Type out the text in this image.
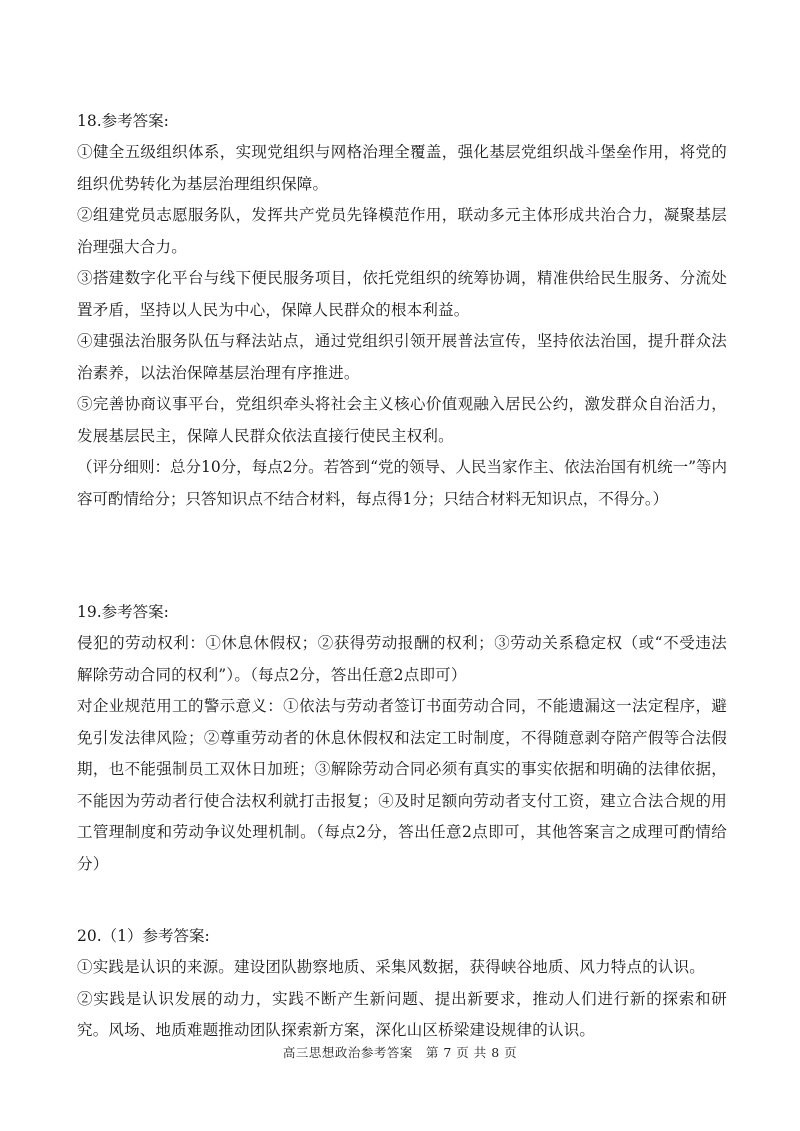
18.参考答案:

①健全五级组织体系，实现党组织与网格治理全覆盖，强化基层党组织战斗堡垒作用，将党的组织优势转化为基层治理组织保障。

②组建党员志愿服务队，发挥共产党员先锋模范作用，联动多元主体形成共治合力，凝聚基层治理强大合力。

③搭建数字化平台与线下便民服务项目，依托党组织的统筹协调，精准供给民生服务、分流处置矛盾，坚持以人民为中心，保障人民群众的根本利益。

④建强法治服务队伍与释法站点，通过党组织引领开展普法宣传，坚持依法治国，提升群众法治素养，以法治保障基层治理有序推进。

⑤完善协商议事平台，党组织牵头将社会主义核心价值观融入居民公约，激发群众自治活力，发展基层民主，保障人民群众依法直接行使民主权利。

（评分细则：总分10分，每点2分。若答到“党的领导、人民当家作主、依法治国有机统一”等内容可酌情给分；只答知识点不结合材料，每点得1分；只结合材料无知识点，不得分。）

19.参考答案:

侵犯的劳动权利：①休息休假权；②获得劳动报酬的权利；③劳动关系稳定权（或“不受违法解除劳动合同的权利”）。（每点2分，答出任意2点即可）

对企业规范用工的警示意义：①依法与劳动者签订书面劳动合同，不能遗漏这一法定程序，避免引发法律风险；②尊重劳动者的休息休假权和法定工时制度，不得随意剥夺陪产假等合法假期，也不能强制员工双休日加班；③解除劳动合同必须有真实的事实依据和明确的法律依据，不能因为劳动者行使合法权利就打击报复；④及时足额向劳动者支付工资，建立合法合规的用工管理制度和劳动争议处理机制。（每点2分，答出任意2点即可，其他答案言之成理可酌情给分）

20.（1）参考答案:

①实践是认识的来源。建设团队勘察地质、采集风数据，获得峡谷地质、风力特点的认识。

②实践是认识发展的动力，实践不断产生新问题、提出新要求，推动人们进行新的探索和研究。风场、地质难题推动团队探索新方案，深化山区桥梁建设规律的认识。

高三思想政治参考答案　第 7 页 共 8 页
